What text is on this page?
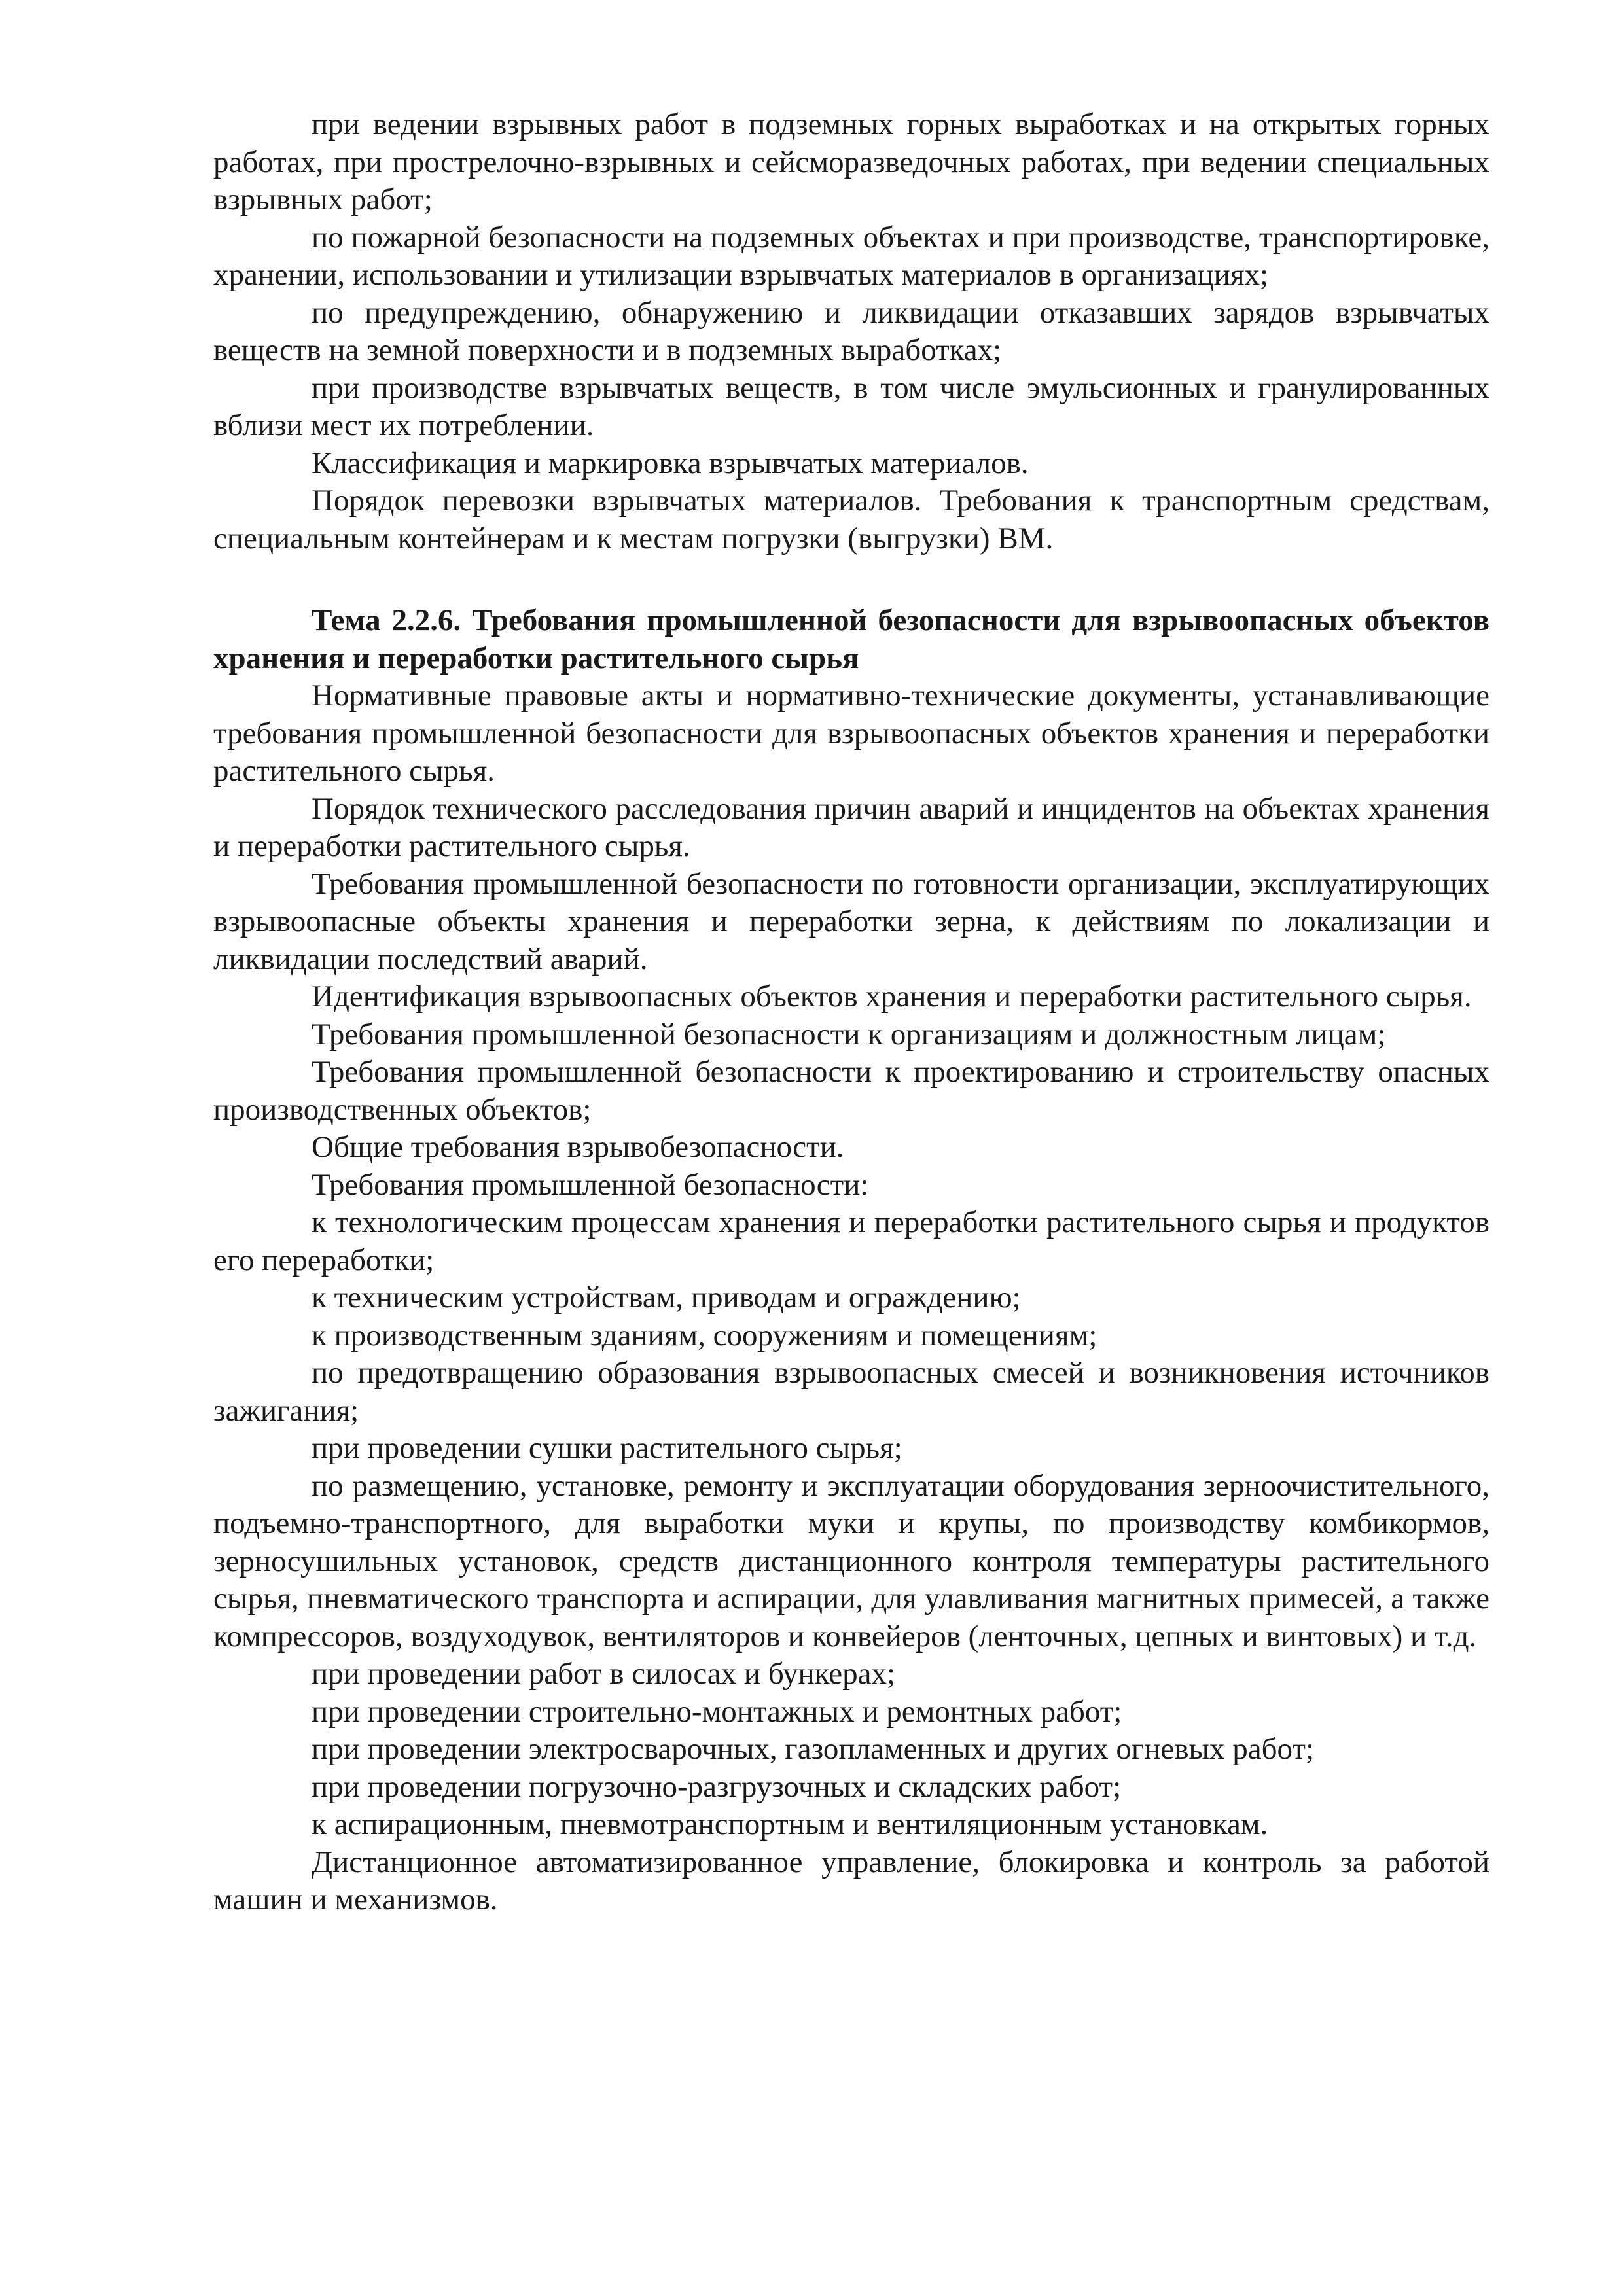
при ведении взрывных работ в подземных горных выработках и на открытых горных работах, при прострелочно-взрывных и сейсморазведочных работах, при ведении специальных взрывных работ;

по пожарной безопасности на подземных объектах и при производстве, транспортировке, хранении, использовании и утилизации взрывчатых материалов в организациях;

по предупреждению, обнаружению и ликвидации отказавших зарядов взрывчатых веществ на земной поверхности и в подземных выработках;

при производстве взрывчатых веществ, в том числе эмульсионных и гранулированных вблизи мест их потреблении.

Классификация и маркировка взрывчатых материалов.

Порядок перевозки взрывчатых материалов. Требования к транспортным средствам, специальным контейнерам и к местам погрузки (выгрузки) ВМ.

Тема 2.2.6. Требования промышленной безопасности для взрывоопасных объектов хранения и переработки растительного сырья

Нормативные правовые акты и нормативно-технические документы, устанавливающие требования промышленной безопасности для взрывоопасных объектов хранения и переработки растительного сырья.

Порядок технического расследования причин аварий и инцидентов на объектах хранения и переработки растительного сырья.

Требования промышленной безопасности по готовности организации, эксплуатирующих взрывоопасные объекты хранения и переработки зерна, к действиям по локализации и ликвидации последствий аварий.

Идентификация взрывоопасных объектов хранения и переработки растительного сырья.

Требования промышленной безопасности к организациям и должностным лицам;

Требования промышленной безопасности к проектированию и строительству опасных производственных объектов;

Общие требования взрывобезопасности.

Требования промышленной безопасности:

к технологическим процессам хранения и переработки растительного сырья и продуктов его переработки;

к техническим устройствам, приводам и ограждению;

к производственным зданиям, сооружениям и помещениям;

по предотвращению образования взрывоопасных смесей и возникновения источников зажигания;

при проведении сушки растительного сырья;

по размещению, установке, ремонту и эксплуатации оборудования зерноочистительного, подъемно-транспортного, для выработки муки и крупы, по производству комбикормов, зерносушильных установок, средств дистанционного контроля температуры растительного сырья, пневматического транспорта и аспирации, для улавливания магнитных примесей, а также компрессоров, воздуходувок, вентиляторов и конвейеров (ленточных, цепных и винтовых) и т.д.

при проведении работ в силосах и бункерах;

при проведении строительно-монтажных и ремонтных работ;

при проведении электросварочных, газопламенных и других огневых работ;

при проведении погрузочно-разгрузочных и складских работ;

к аспирационным, пневмотранспортным и вентиляционным установкам.

Дистанционное автоматизированное управление, блокировка и контроль за работой машин и механизмов.
